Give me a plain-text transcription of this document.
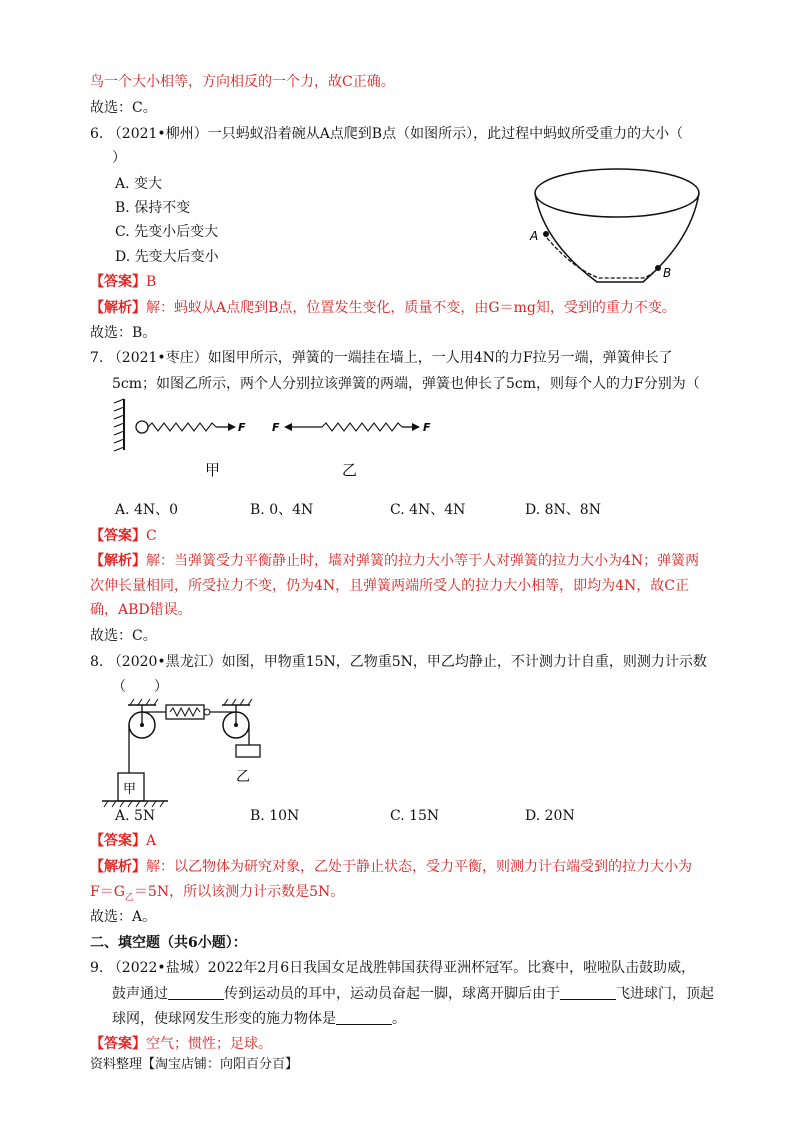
鸟一个大小相等，方向相反的一个力，故C正确。
故选：C。
6. （2021•柳州）一只蚂蚁沿着碗从A点爬到B点（如图所示），此过程中蚂蚁所受重力的大小（
）
A. 变大
B. 保持不变
C. 先变小后变大
D. 先变大后变小
【答案】B
【解析】解：蚂蚁从A点爬到B点，位置发生变化，质量不变，由G＝mg知，受到的重力不变。
故选：B。
A
B
7. （2021•枣庄）如图甲所示，弹簧的一端挂在墙上，一人用4N的力F拉另一端，弹簧伸长了
5cm；如图乙所示，两个人分别拉该弹簧的两端，弹簧也伸长了5cm，则每个人的力F分别为（
F F	F
甲	乙
A. 4N、0	B. 0、4N	C. 4N、4N	D. 8N、8N
【答案】C
【解析】解：当弹簧受力平衡静止时，墙对弹簧的拉力大小等于人对弹簧的拉力大小为4N；弹簧两
次伸长量相同，所受拉力不变，仍为4N，且弹簧两端所受人的拉力大小相等，即均为4N，故C正
确，ABD错误。
故选：C。
8. （2020•黑龙江）如图，甲物重15N，乙物重5N，甲乙均静止，不计测力计自重，则测力计示数
（　　）
甲
乙
A. 5N	B. 10N	C. 15N	D. 20N
【答案】A
【解析】解：以乙物体为研究对象，乙处于静止状态，受力平衡，则测力计右端受到的拉力大小为
$F=G_乙=5N$，所以该测力计示数是5N。
故选：A。
二、填空题（共6小题）：
9. （2022•盐城）2022年2月6日我国女足战胜韩国获得亚洲杯冠军。比赛中，啦啦队击鼓助威，
鼓声通过	传到运动员的耳中，运动员奋起一脚，球离开脚后由于	飞进球门，顶起
球网，使球网发生形变的施力物体是	。
【答案】空气；惯性；足球。
资料整理【淘宝店铺：向阳百分百】
